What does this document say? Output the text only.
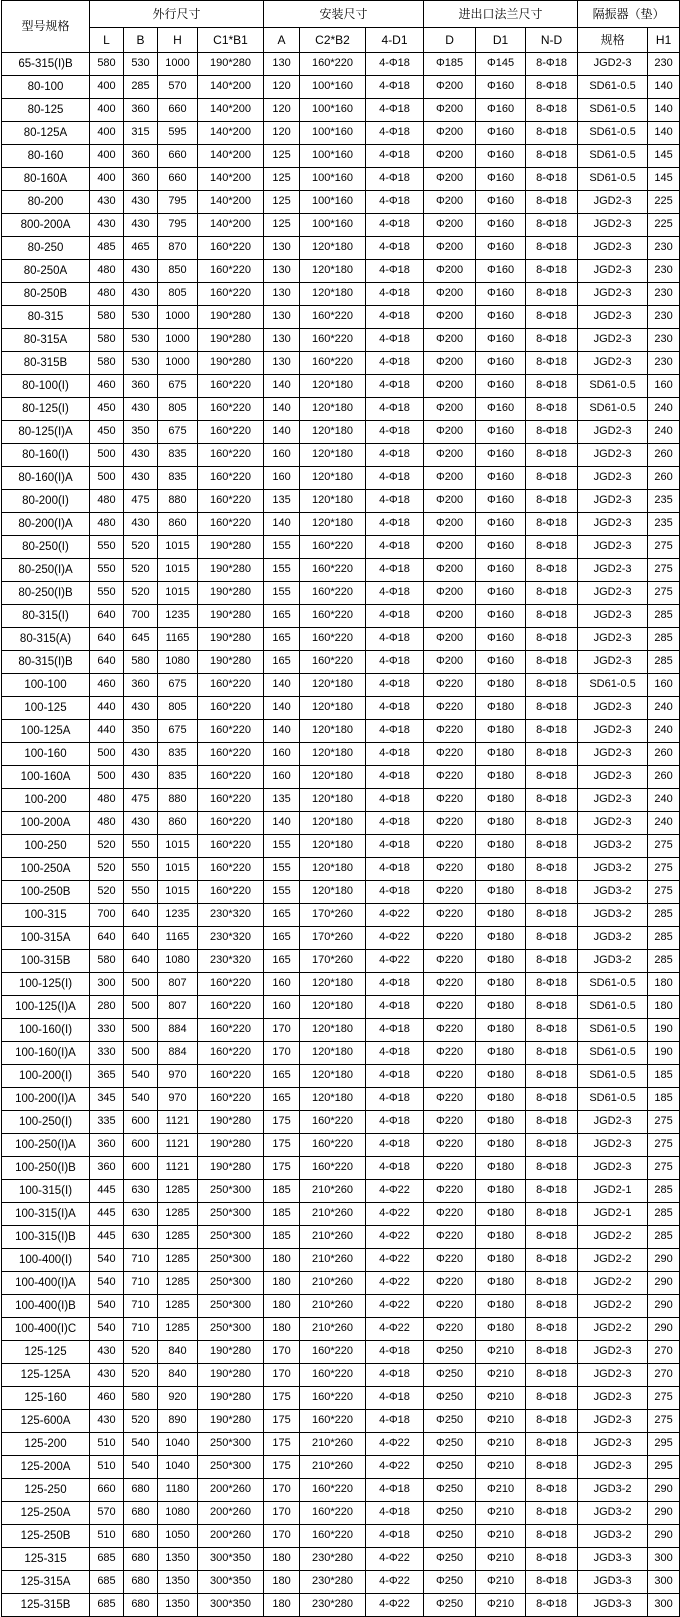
型号规格	外行尺寸				安装尺寸			进出口法兰尺寸			隔振器（垫）	
	L	B	H	C1*B1	A	C2*B2	4-D1	D	D1	N-D	规格	H1
65-315(I)B	580	530	1000	190*280	130	160*220	4-Φ18	Φ185	Φ145	8-Φ18	JGD2-3	230
80-100	400	285	570	140*200	120	100*160	4-Φ18	Φ200	Φ160	8-Φ18	SD61-0.5	140
80-125	400	360	660	140*200	120	100*160	4-Φ18	Φ200	Φ160	8-Φ18	SD61-0.5	140
80-125A	400	315	595	140*200	120	100*160	4-Φ18	Φ200	Φ160	8-Φ18	SD61-0.5	140
80-160	400	360	660	140*200	125	100*160	4-Φ18	Φ200	Φ160	8-Φ18	SD61-0.5	145
80-160A	400	360	660	140*200	125	100*160	4-Φ18	Φ200	Φ160	8-Φ18	SD61-0.5	145
80-200	430	430	795	140*200	125	100*160	4-Φ18	Φ200	Φ160	8-Φ18	JGD2-3	225
800-200A	430	430	795	140*200	125	100*160	4-Φ18	Φ200	Φ160	8-Φ18	JGD2-3	225
80-250	485	465	870	160*220	130	120*180	4-Φ18	Φ200	Φ160	8-Φ18	JGD2-3	230
80-250A	480	430	850	160*220	130	120*180	4-Φ18	Φ200	Φ160	8-Φ18	JGD2-3	230
80-250B	480	430	805	160*220	130	120*180	4-Φ18	Φ200	Φ160	8-Φ18	JGD2-3	230
80-315	580	530	1000	190*280	130	160*220	4-Φ18	Φ200	Φ160	8-Φ18	JGD2-3	230
80-315A	580	530	1000	190*280	130	160*220	4-Φ18	Φ200	Φ160	8-Φ18	JGD2-3	230
80-315B	580	530	1000	190*280	130	160*220	4-Φ18	Φ200	Φ160	8-Φ18	JGD2-3	230
80-100(I)	460	360	675	160*220	140	120*180	4-Φ18	Φ200	Φ160	8-Φ18	SD61-0.5	160
80-125(I)	450	430	805	160*220	140	120*180	4-Φ18	Φ200	Φ160	8-Φ18	SD61-0.5	240
80-125(I)A	450	350	675	160*220	140	120*180	4-Φ18	Φ200	Φ160	8-Φ18	JGD2-3	240
80-160(I)	500	430	835	160*220	160	120*180	4-Φ18	Φ200	Φ160	8-Φ18	JGD2-3	260
80-160(I)A	500	430	835	160*220	160	120*180	4-Φ18	Φ200	Φ160	8-Φ18	JGD2-3	260
80-200(I)	480	475	880	160*220	135	120*180	4-Φ18	Φ200	Φ160	8-Φ18	JGD2-3	235
80-200(I)A	480	430	860	160*220	140	120*180	4-Φ18	Φ200	Φ160	8-Φ18	JGD2-3	235
80-250(I)	550	520	1015	190*280	155	160*220	4-Φ18	Φ200	Φ160	8-Φ18	JGD2-3	275
80-250(I)A	550	520	1015	190*280	155	160*220	4-Φ18	Φ200	Φ160	8-Φ18	JGD2-3	275
80-250(I)B	550	520	1015	190*280	155	160*220	4-Φ18	Φ200	Φ160	8-Φ18	JGD2-3	275
80-315(I)	640	700	1235	190*280	165	160*220	4-Φ18	Φ200	Φ160	8-Φ18	JGD2-3	285
80-315(A)	640	645	1165	190*280	165	160*220	4-Φ18	Φ200	Φ160	8-Φ18	JGD2-3	285
80-315(I)B	640	580	1080	190*280	165	160*220	4-Φ18	Φ200	Φ160	8-Φ18	JGD2-3	285
100-100	460	360	675	160*220	140	120*180	4-Φ18	Φ220	Φ180	8-Φ18	SD61-0.5	160
100-125	440	430	805	160*220	140	120*180	4-Φ18	Φ220	Φ180	8-Φ18	JGD2-3	240
100-125A	440	350	675	160*220	140	120*180	4-Φ18	Φ220	Φ180	8-Φ18	JGD2-3	240
100-160	500	430	835	160*220	160	120*180	4-Φ18	Φ220	Φ180	8-Φ18	JGD2-3	260
100-160A	500	430	835	160*220	160	120*180	4-Φ18	Φ220	Φ180	8-Φ18	JGD2-3	260
100-200	480	475	880	160*220	135	120*180	4-Φ18	Φ220	Φ180	8-Φ18	JGD2-3	240
100-200A	480	430	860	160*220	140	120*180	4-Φ18	Φ220	Φ180	8-Φ18	JGD2-3	240
100-250	520	550	1015	160*220	155	120*180	4-Φ18	Φ220	Φ180	8-Φ18	JGD3-2	275
100-250A	520	550	1015	160*220	155	120*180	4-Φ18	Φ220	Φ180	8-Φ18	JGD3-2	275
100-250B	520	550	1015	160*220	155	120*180	4-Φ18	Φ220	Φ180	8-Φ18	JGD3-2	275
100-315	700	640	1235	230*320	165	170*260	4-Φ22	Φ220	Φ180	8-Φ18	JGD3-2	285
100-315A	640	640	1165	230*320	165	170*260	4-Φ22	Φ220	Φ180	8-Φ18	JGD3-2	285
100-315B	580	640	1080	230*320	165	170*260	4-Φ22	Φ220	Φ180	8-Φ18	JGD3-2	285
100-125(I)	300	500	807	160*220	160	120*180	4-Φ18	Φ220	Φ180	8-Φ18	SD61-0.5	180
100-125(I)A	280	500	807	160*220	160	120*180	4-Φ18	Φ220	Φ180	8-Φ18	SD61-0.5	180
100-160(I)	330	500	884	160*220	170	120*180	4-Φ18	Φ220	Φ180	8-Φ18	SD61-0.5	190
100-160(I)A	330	500	884	160*220	170	120*180	4-Φ18	Φ220	Φ180	8-Φ18	SD61-0.5	190
100-200(I)	365	540	970	160*220	165	120*180	4-Φ18	Φ220	Φ180	8-Φ18	SD61-0.5	185
100-200(I)A	345	540	970	160*220	165	120*180	4-Φ18	Φ220	Φ180	8-Φ18	SD61-0.5	185
100-250(I)	335	600	1121	190*280	175	160*220	4-Φ18	Φ220	Φ180	8-Φ18	JGD2-3	275
100-250(I)A	360	600	1121	190*280	175	160*220	4-Φ18	Φ220	Φ180	8-Φ18	JGD2-3	275
100-250(I)B	360	600	1121	190*280	175	160*220	4-Φ18	Φ220	Φ180	8-Φ18	JGD2-3	275
100-315(I)	445	630	1285	250*300	185	210*260	4-Φ22	Φ220	Φ180	8-Φ18	JGD2-1	285
100-315(I)A	445	630	1285	250*300	185	210*260	4-Φ22	Φ220	Φ180	8-Φ18	JGD2-1	285
100-315(I)B	445	630	1285	250*300	185	210*260	4-Φ22	Φ220	Φ180	8-Φ18	JGD2-2	285
100-400(I)	540	710	1285	250*300	180	210*260	4-Φ22	Φ220	Φ180	8-Φ18	JGD2-2	290
100-400(I)A	540	710	1285	250*300	180	210*260	4-Φ22	Φ220	Φ180	8-Φ18	JGD2-2	290
100-400(I)B	540	710	1285	250*300	180	210*260	4-Φ22	Φ220	Φ180	8-Φ18	JGD2-2	290
100-400(I)C	540	710	1285	250*300	180	210*260	4-Φ22	Φ220	Φ180	8-Φ18	JGD2-2	290
125-125	430	520	840	190*280	170	160*220	4-Φ18	Φ250	Φ210	8-Φ18	JGD2-3	270
125-125A	430	520	840	190*280	170	160*220	4-Φ18	Φ250	Φ210	8-Φ18	JGD2-3	270
125-160	460	580	920	190*280	175	160*220	4-Φ18	Φ250	Φ210	8-Φ18	JGD2-3	275
125-600A	430	520	890	190*280	175	160*220	4-Φ18	Φ250	Φ210	8-Φ18	JGD2-3	275
125-200	510	540	1040	250*300	175	210*260	4-Φ22	Φ250	Φ210	8-Φ18	JGD2-3	295
125-200A	510	540	1040	250*300	175	210*260	4-Φ22	Φ250	Φ210	8-Φ18	JGD2-3	295
125-250	660	680	1180	200*260	170	160*220	4-Φ18	Φ250	Φ210	8-Φ18	JGD3-2	290
125-250A	570	680	1080	200*260	170	160*220	4-Φ18	Φ250	Φ210	8-Φ18	JGD3-2	290
125-250B	510	680	1050	200*260	170	160*220	4-Φ18	Φ250	Φ210	8-Φ18	JGD3-2	290
125-315	685	680	1350	300*350	180	230*280	4-Φ22	Φ250	Φ210	8-Φ18	JGD3-3	300
125-315A	685	680	1350	300*350	180	230*280	4-Φ22	Φ250	Φ210	8-Φ18	JGD3-3	300
125-315B	685	680	1350	300*350	180	230*280	4-Φ22	Φ250	Φ210	8-Φ18	JGD3-3	300
